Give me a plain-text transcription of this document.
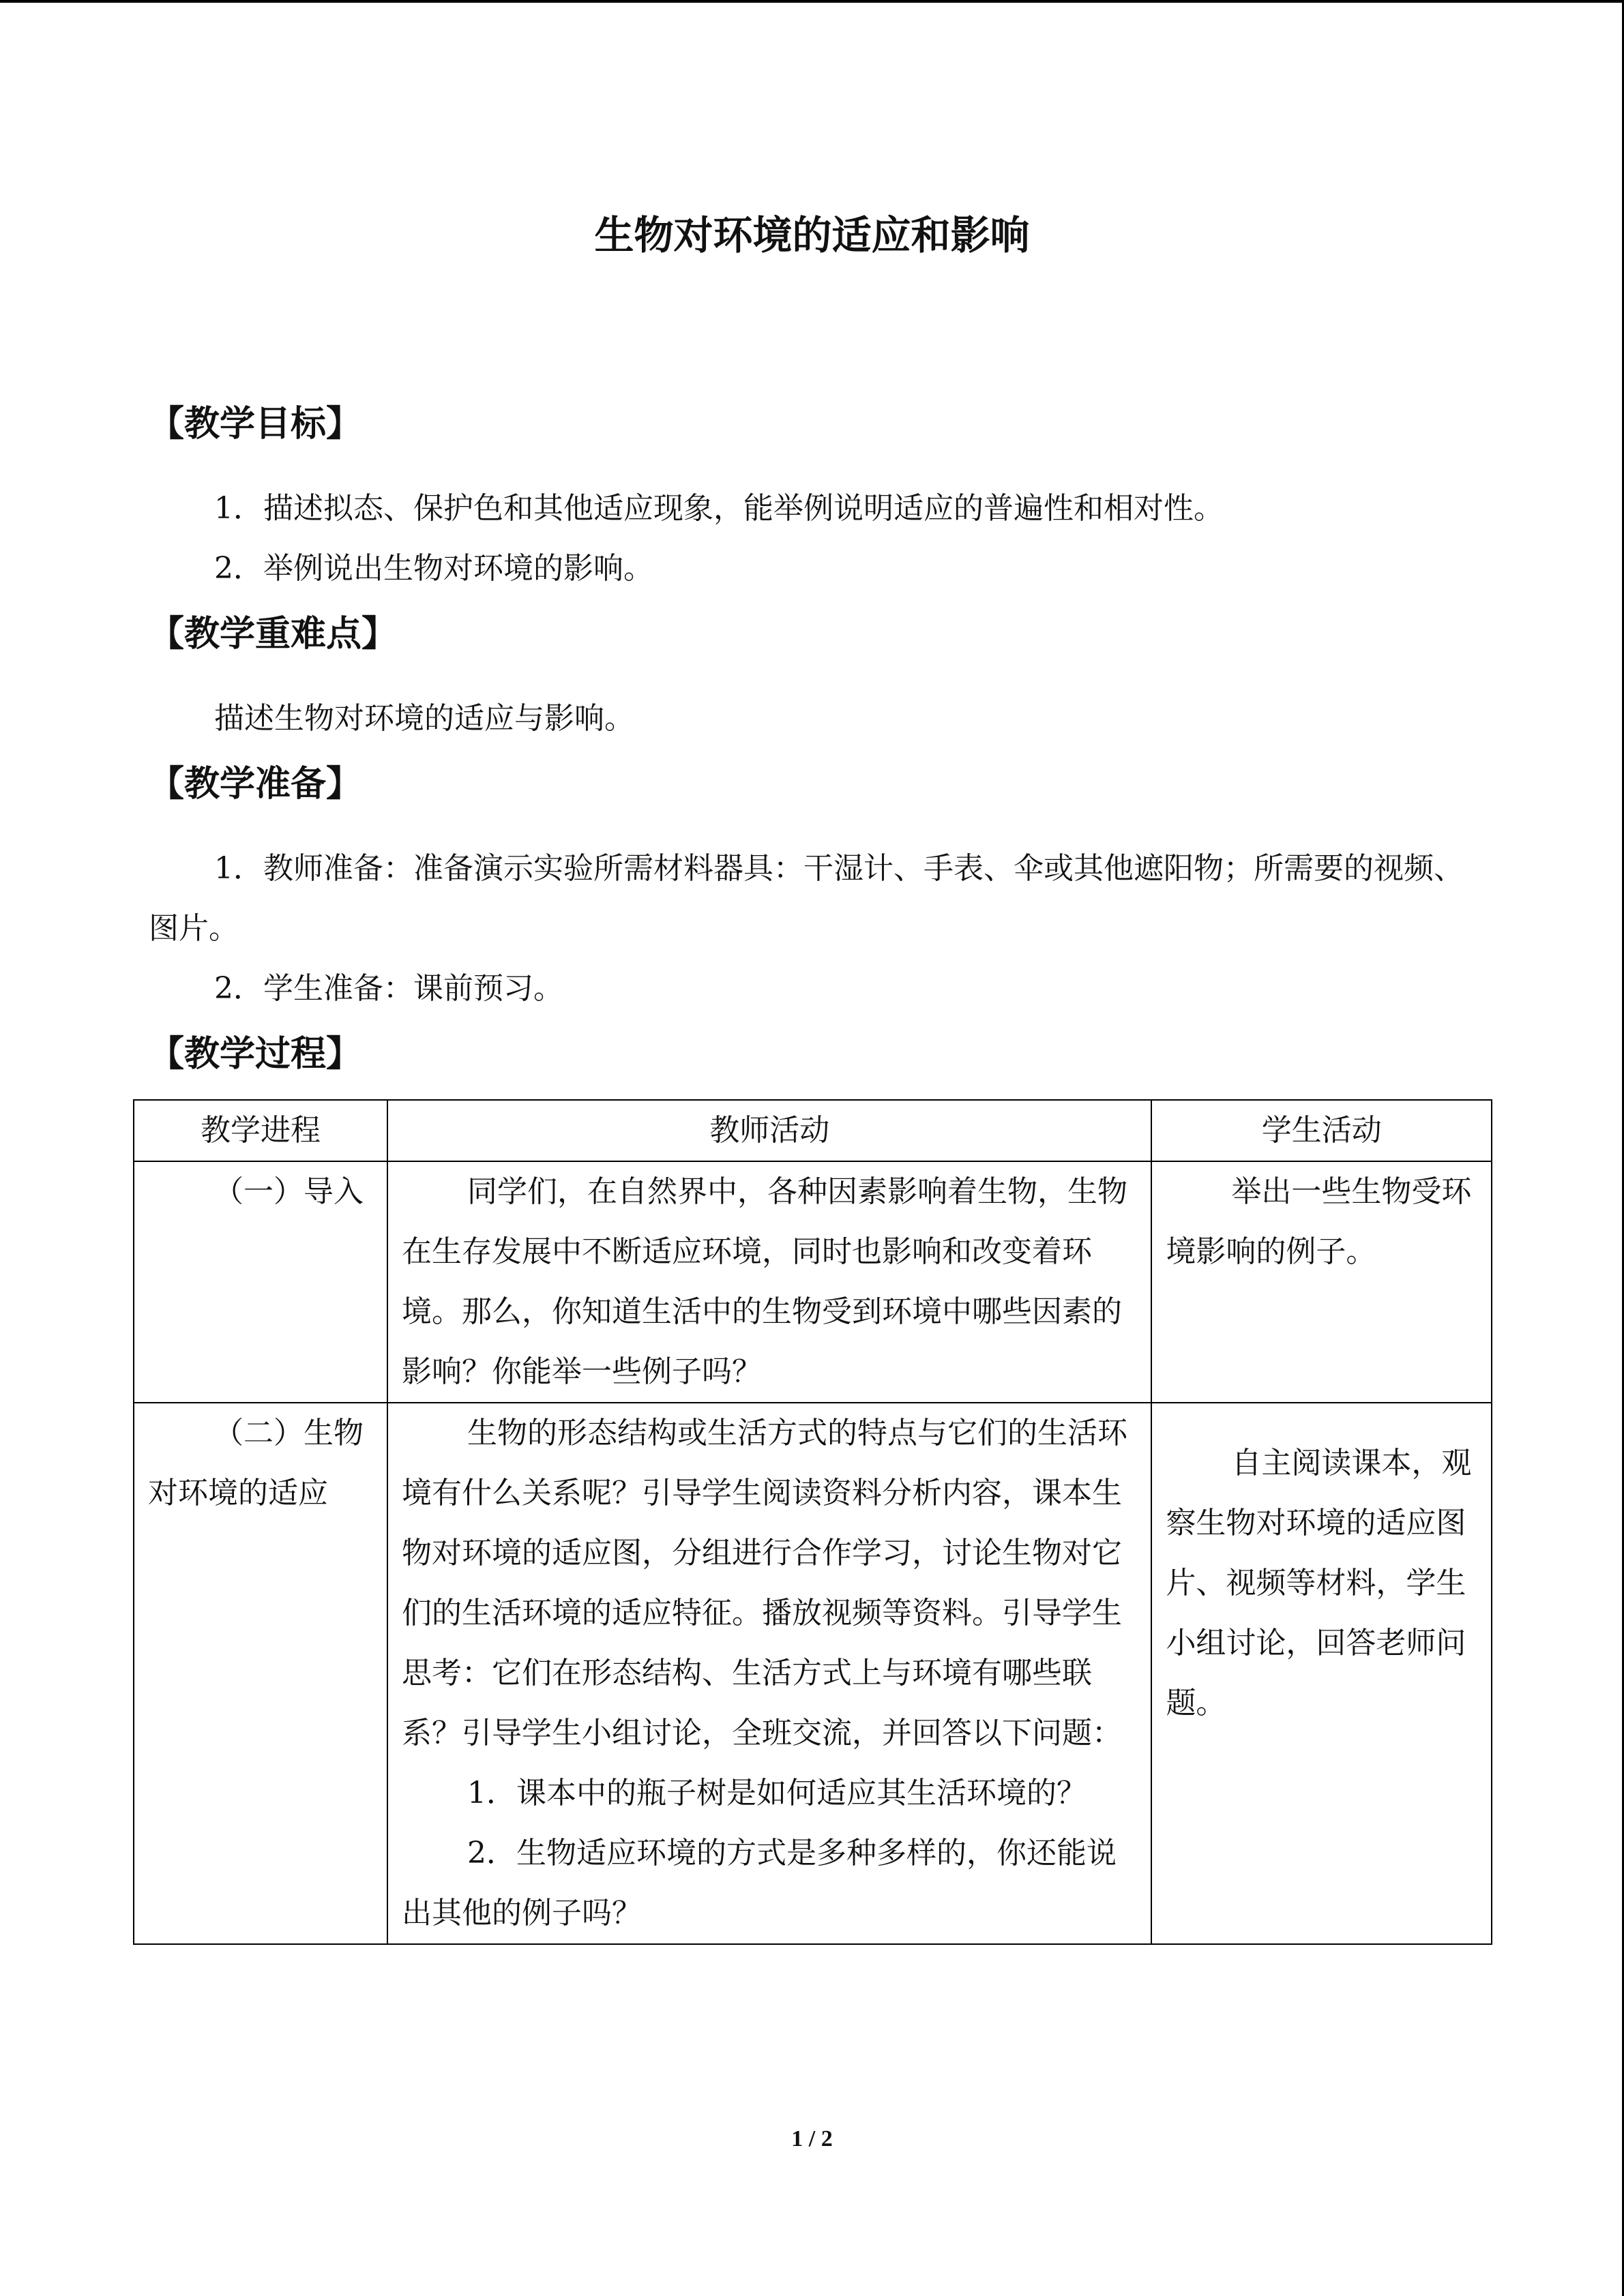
生物对环境的适应和影响
【教学目标】
1．描述拟态、保护色和其他适应现象，能举例说明适应的普遍性和相对性。
2．举例说出生物对环境的影响。
【教学重难点】
描述生物对环境的适应与影响。
【教学准备】
1．教师准备：准备演示实验所需材料器具：干湿计、手表、伞或其他遮阳物；所需要的视频、图片。
2．学生准备：课前预习。
【教学过程】
教学进程	教师活动	学生活动
（一）导入	同学们，在自然界中，各种因素影响着生物，生物在生存发展中不断适应环境，同时也影响和改变着环境。那么，你知道生活中的生物受到环境中哪些因素的影响？你能举一些例子吗？	举出一些生物受环境影响的例子。
（二）生物对环境的适应	生物的形态结构或生活方式的特点与它们的生活环境有什么关系呢？引导学生阅读资料分析内容，课本生物对环境的适应图，分组进行合作学习，讨论生物对它们的生活环境的适应特征。播放视频等资料。引导学生思考：它们在形态结构、生活方式上与环境有哪些联系？引导学生小组讨论，全班交流，并回答以下问题：
1．课本中的瓶子树是如何适应其生活环境的？
2．生物适应环境的方式是多种多样的，你还能说出其他的例子吗？	自主阅读课本，观察生物对环境的适应图片、视频等材料，学生小组讨论，回答老师问题。
1 / 2
